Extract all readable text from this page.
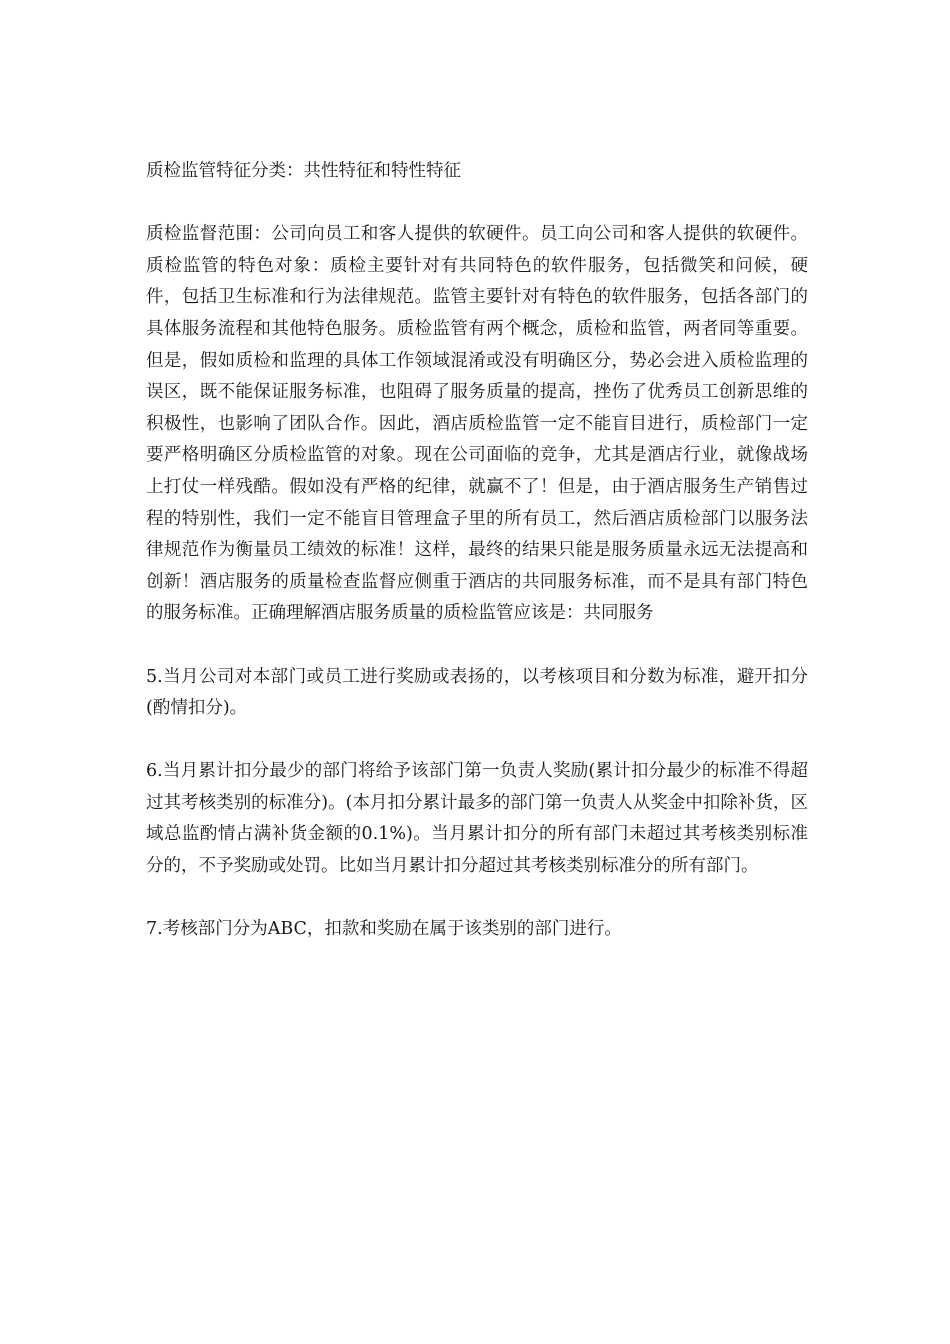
质检监管特征分类：共性特征和特性特征

质检监督范围：公司向员工和客人提供的软硬件。员工向公司和客人提供的软硬件。质检监管的特色对象：质检主要针对有共同特色的软件服务，包括微笑和问候，硬件，包括卫生标准和行为法律规范。监管主要针对有特色的软件服务，包括各部门的具体服务流程和其他特色服务。质检监管有两个概念，质检和监管，两者同等重要。但是，假如质检和监理的具体工作领域混淆或没有明确区分，势必会进入质检监理的误区，既不能保证服务标准，也阻碍了服务质量的提高，挫伤了优秀员工创新思维的积极性，也影响了团队合作。因此，酒店质检监管一定不能盲目进行，质检部门一定要严格明确区分质检监管的对象。现在公司面临的竞争，尤其是酒店行业，就像战场上打仗一样残酷。假如没有严格的纪律，就赢不了！但是，由于酒店服务生产销售过程的特别性，我们一定不能盲目管理盒子里的所有员工，然后酒店质检部门以服务法律规范作为衡量员工绩效的标准！这样，最终的结果只能是服务质量永远无法提高和创新！酒店服务的质量检查监督应侧重于酒店的共同服务标准，而不是具有部门特色的服务标准。正确理解酒店服务质量的质检监管应该是：共同服务

5.当月公司对本部门或员工进行奖励或表扬的，以考核项目和分数为标准，避开扣分(酌情扣分)。

6.当月累计扣分最少的部门将给予该部门第一负责人奖励(累计扣分最少的标准不得超过其考核类别的标准分)。(本月扣分累计最多的部门第一负责人从奖金中扣除补货，区域总监酌情占满补货金额的0.1%)。当月累计扣分的所有部门未超过其考核类别标准分的，不予奖励或处罚。比如当月累计扣分超过其考核类别标准分的所有部门。

7.考核部门分为ABC，扣款和奖励在属于该类别的部门进行。
